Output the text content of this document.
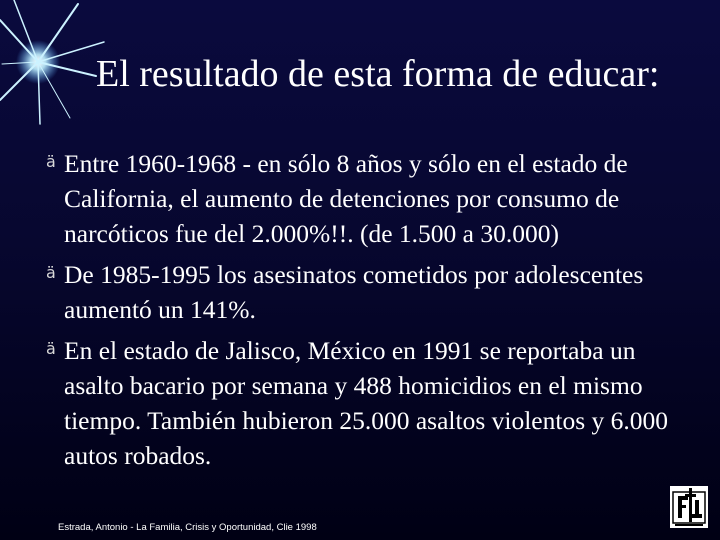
El resultado de esta forma de educar:
ä Entre 1960-1968 - en sólo 8 años y sólo en el estado de California, el aumento de detenciones por consumo de narcóticos fue del 2.000%!!. (de 1.500 a 30.000)
ä De 1985-1995 los asesinatos cometidos por adolescentes aumentó un 141%.
ä En el estado de Jalisco, México en 1991 se reportaba un asalto bacario por semana y 488 homicidios en el mismo tiempo. También hubieron 25.000 asaltos violentos y 6.000 autos robados.
Estrada, Antonio - La Familia, Crisis y Oportunidad, Clie 1998
